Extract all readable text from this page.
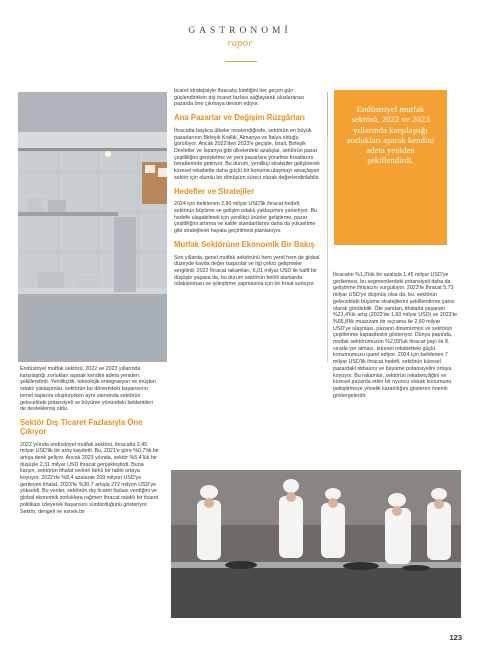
GASTRONOMİ
rapor

Endüstriyel mutfak sektörü, 2022 ve 2023 yıllarında karşılaştığı zorlukları aşarak kendini adeta yeniden şekillendirdi. Yenilikçilik, teknolojik entegrasyon ve müşteri odaklı yaklaşımlar, sektörün bu dönemdeki başarısının temel taşlarını oluştururken aynı zamanda sektörün gelecekteki potansiyeli ve büyüme yönündeki beklentileri de desteklemiş oldu.

Sektör Dış Ticaret Fazlasıyla Öne Çıkıyor

2022 yılında endüstriyel mutfak sektörü, ihracatta 2,45 milyar USD'lik bir artış kaydetti. Bu, 2021'e göre %0,7'lik bir artışa denk geliyor. Ancak 2023 yılında, sektör %5,4'lük bir düşüşle 2,31 milyar USD ihracat gerçekleştirdi. Buna karşın, sektörün ithalat verileri farklı bir tablo ortaya koyuyor. 2022'de %8,4 azalarak 209 milyon USD'ye gerileyen ithalat, 2023'te %30,7 artışla 272 milyon USD'ye yükseldi. Bu veriler, sektörün dış ticaret fazlası verdiğini ve global ekonomik zorluklara rağmen ihracat odaklı bir ticaret politikası izleyerek başarısını sürdürdüğünü gösteriyor. Sektör, dengeli ve esnek bir

ticaret stratejisiyle ihracatçı kimliğini her geçen gün güçlendirirken dış ticaret fazlası sağlayarak uluslararası pazarda öne çıkmaya devam ediyor.

Ana Pazarlar ve Değişim Rüzgârları

İhracatta başlıca ülkeler incelendiğinde, sektörün en büyük pazarlarının Birleşik Krallık, Almanya ve İtalya olduğu görülüyor. Ancak 2022'den 2023'e geçişte, İsrail, Birleşik Devletler ve İspanya gibi ülkelerdeki azalışlar, sektörün pazar çeşitliliğini genişletme ve yeni pazarlara yönelme fırsatlarını beraberinde getiriyor. Bu durum, yenilikçi stratejiler geliştirerek küresel rekabette daha güçlü bir konuma ulaşmayı amaçlayan sektör için olumlu bir dönüşüm süreci olarak değerlendirilebilir.

Hedefler ve Stratejiler

2024 için belirlenen 2,80 milyar USD'lik ihracat hedefi, sektörün büyüme ve gelişim odaklı yaklaşımını yansıtıyor. Bu hedefe ulaşabilmek için yenilikçi ürünler geliştirme, pazar çeşitliliğini artırma ve kalite standartlarını daha da yükseltme gibi stratejilerin hayata geçirilmesi planlanıyor.

Mutfak Sektörüne Ekonomik Bir Bakış

Son yıllarda, genel mutfak sektörünü hem yerel hem de global düzeyde kayda değer başarılar ve ilgi çekici gelişmeler sergiledi. 2022 İhracat rakamları, 6,01 milyar USD ile hafif bir düşüşle yaşasa da, bu durum sektörün belirli alanlarda odaklanması ve iyileştirme yapmasına için bir fırsat sunuyor.

Endüstriyel mutfak sektörü, 2022 ve 2023 yıllarında karşılaştığı zorlukları aşarak kendini adeta yeniden şekillendirdi.

İhracatın %1,3'lük bir azalışla 1,45 milyar USD'ye gerilemesi, bu segmentlerdeki potansiyeli daha da geliştirme ihtiyacını vurguluyor. 2023'te İhracat 5,73 milyar USD'ye düşmüş olsa da, bu, sektörün gelecekteki büyüme stratejilerini şekillendirme şansı olarak görülebilir. Öte yandan, ithalatta yaşanan %21,4'lük artış (2022'de 1,60 milyar USD) ve 2023'te %65,8'lik muazzam bir sıçrama ile 2,60 milyar USD'ye ulaşması, pazarın dinamizmini ve sektörün çeşitlenme kapasitesini gösteriyor. Dünya papında, mutfak sektörümüzün %2,09'luk ihracat payı ile 8. sırada yer alması, küresel rekabetteki güçlü konumumuzu işaret ediyor. 2024 için belirlenen 7 milyar USD'lik ihracat hedefi, sektörün küresel pazardaki iddiasını ve büyüme potansiyelini ortaya koyuyor. Bu rakamlar, sektörün rekabetçiliğini ve küresel pazarda etkin bir oyuncu olarak konumunu pekiştirmeye yönelik kararlılığını gösteren önemli göstergelerdir.

123
